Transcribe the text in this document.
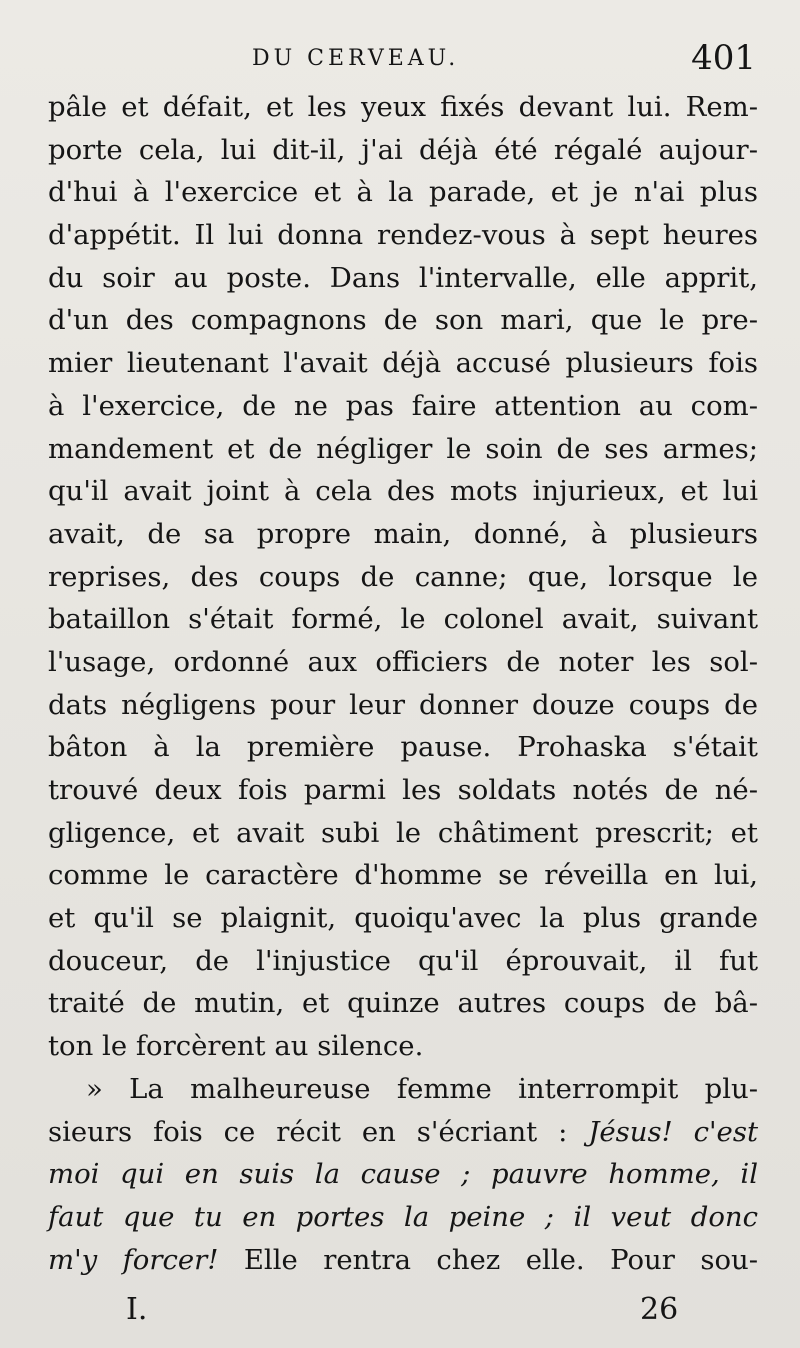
DU CERVEAU.	401
pâle et défait, et les yeux fixés devant lui. Rem-
porte cela, lui dit-il, j'ai déjà été régalé aujour-
d'hui à l'exercice et à la parade, et je n'ai plus
d'appétit. Il lui donna rendez-vous à sept heures
du soir au poste. Dans l'intervalle, elle apprit,
d'un des compagnons de son mari, que le pre-
mier lieutenant l'avait déjà accusé plusieurs fois
à l'exercice, de ne pas faire attention au com-
mandement et de négliger le soin de ses armes;
qu'il avait joint à cela des mots injurieux, et lui
avait, de sa propre main, donné, à plusieurs
reprises, des coups de canne; que, lorsque le
bataillon s'était formé, le colonel avait, suivant
l'usage, ordonné aux officiers de noter les sol-
dats négligens pour leur donner douze coups de
bâton à la première pause. Prohaska s'était
trouvé deux fois parmi les soldats notés de né-
gligence, et avait subi le châtiment prescrit; et
comme le caractère d'homme se réveilla en lui,
et qu'il se plaignit, quoiqu'avec la plus grande
douceur, de l'injustice qu'il éprouvait, il fut
traité de mutin, et quinze autres coups de bâ-
ton le forcèrent au silence.
» La malheureuse femme interrompit plu-
sieurs fois ce récit en s'écriant : Jésus! c'est
moi qui en suis la cause ; pauvre homme, il
faut que tu en portes la peine ; il veut donc
m'y forcer! Elle rentra chez elle. Pour sou-
I.	26
